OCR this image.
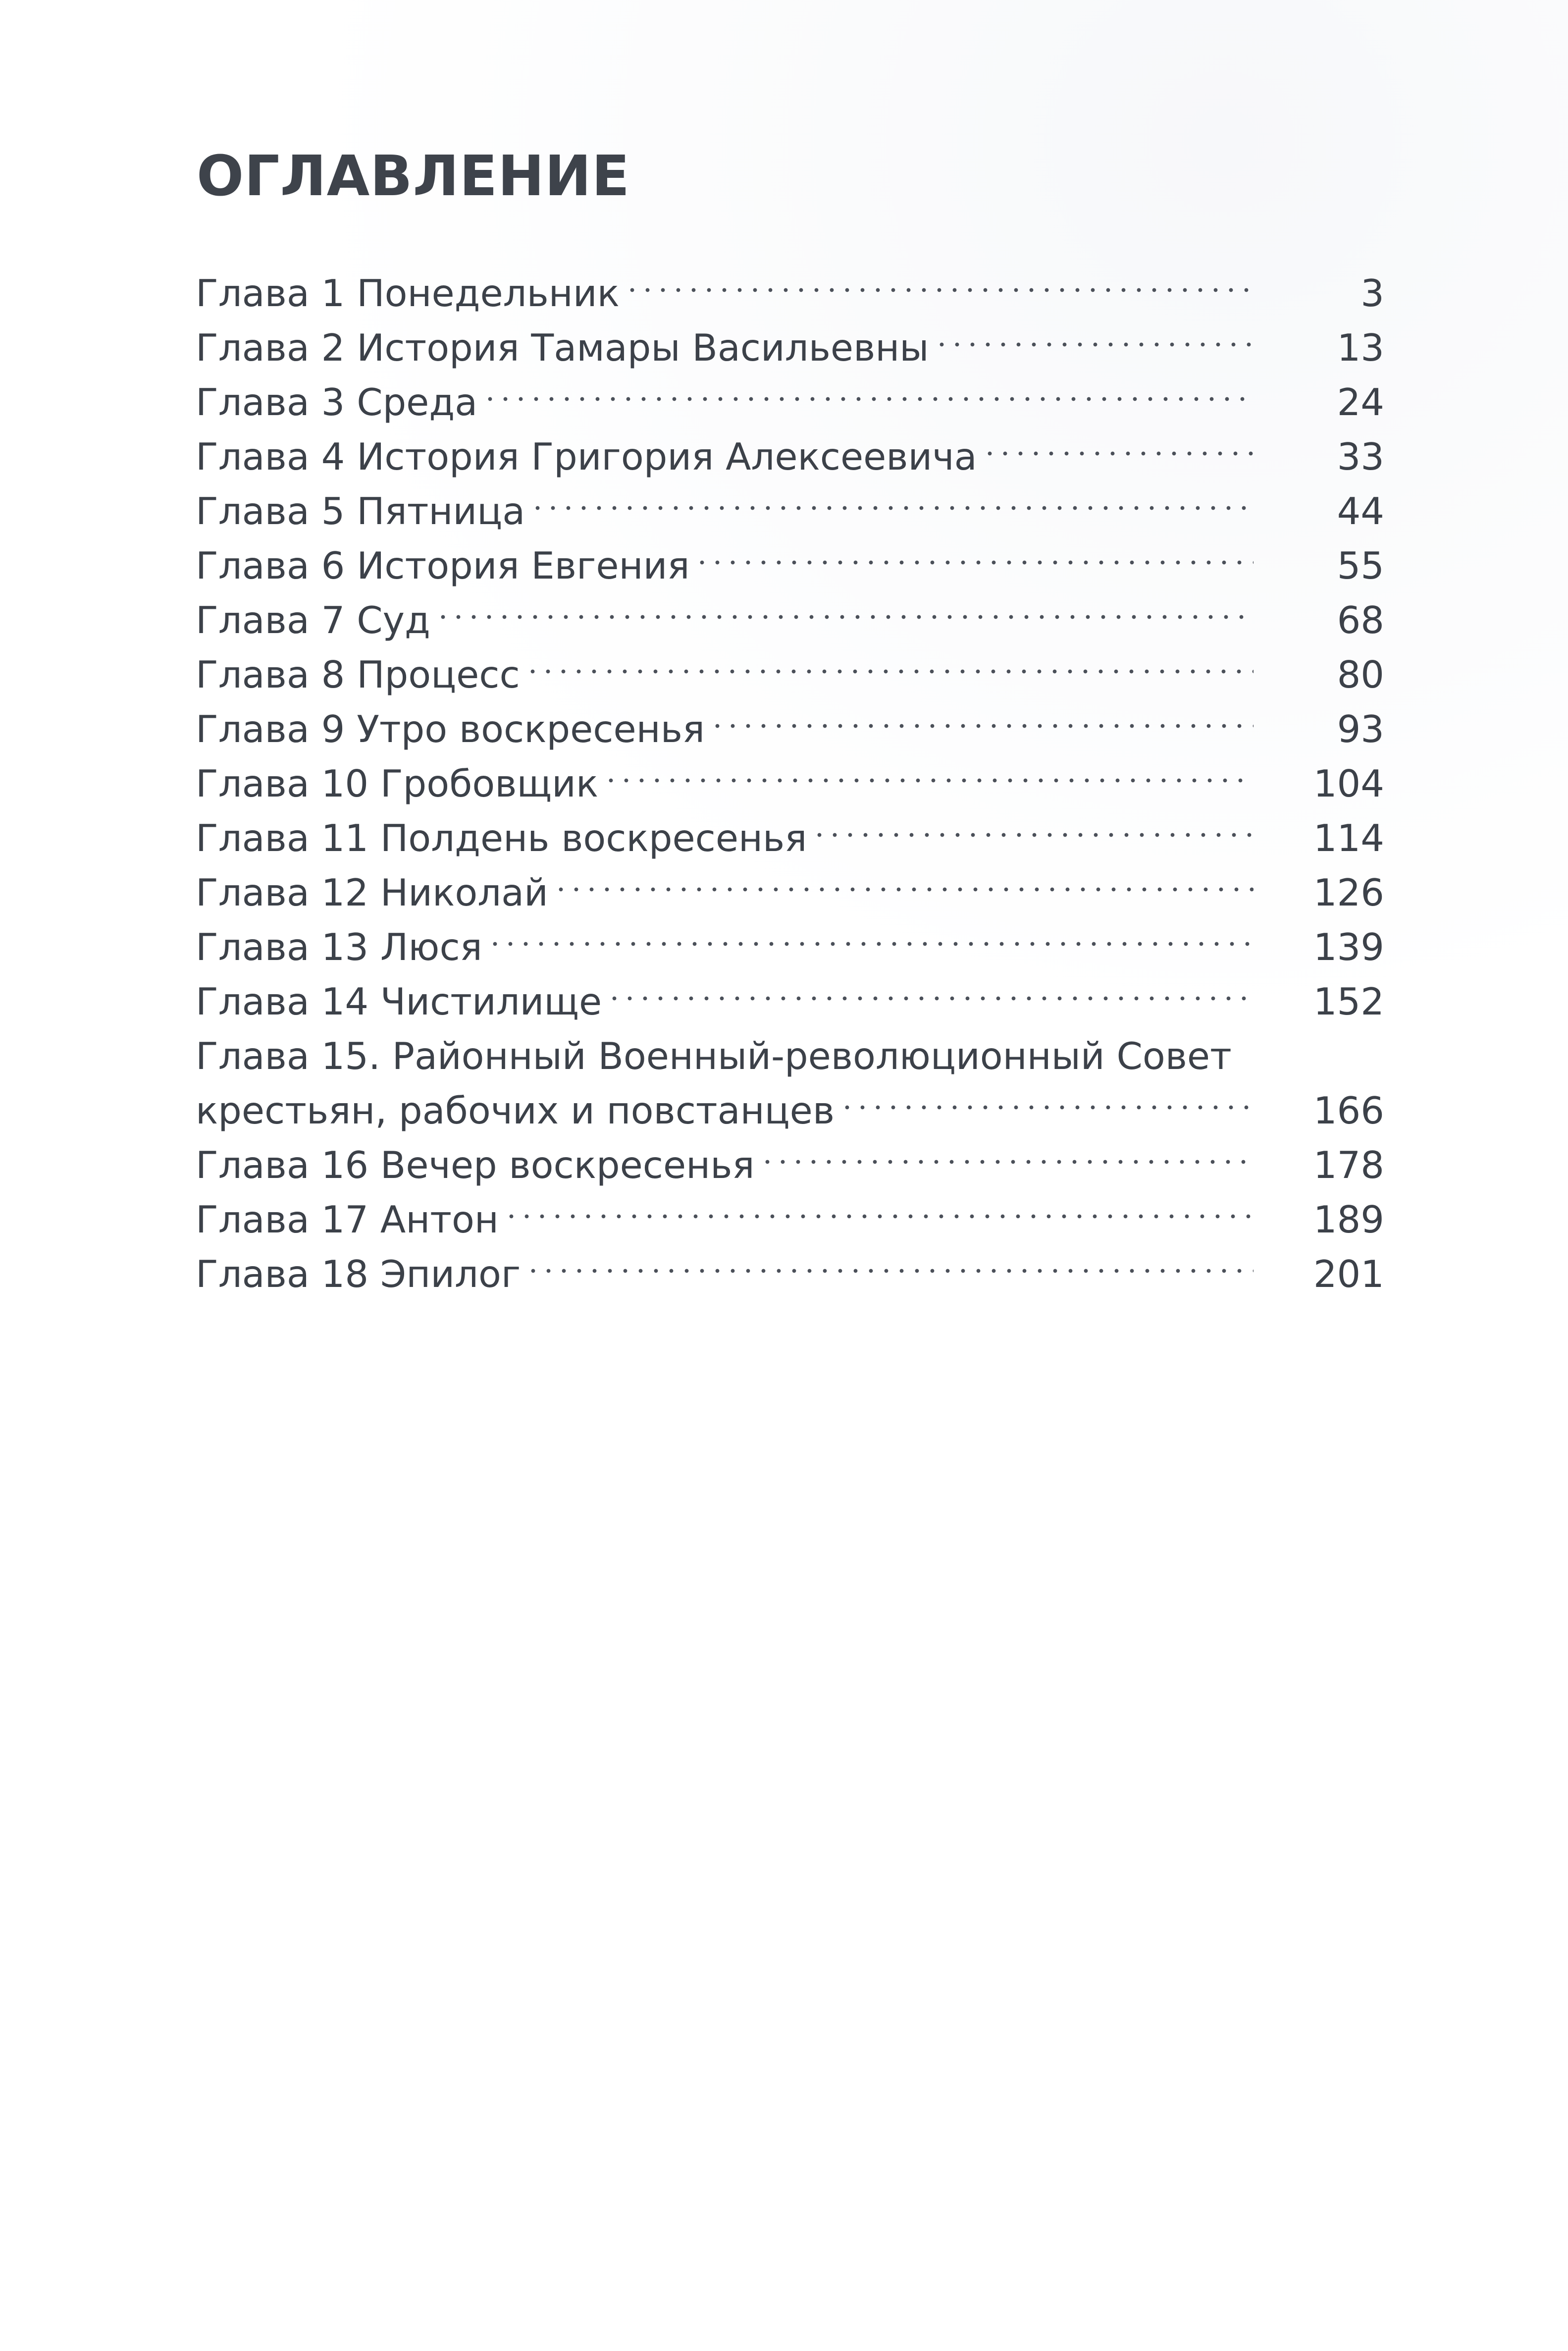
ОГЛАВЛЕНИЕ
Глава 1 Понедельник	3
Глава 2 История Тамары Васильевны	13
Глава 3 Среда	24
Глава 4 История Григория Алексеевича	33
Глава 5 Пятница	44
Глава 6 История Евгения	55
Глава 7 Суд	68
Глава 8 Процесс	80
Глава 9 Утро воскресенья	93
Глава 10 Гробовщик	104
Глава 11 Полдень воскресенья	114
Глава 12 Николай	126
Глава 13 Люся	139
Глава 14 Чистилище	152
Глава 15. Районный Военный-революционный Совет
крестьян, рабочих и повстанцев	166
Глава 16 Вечер воскресенья	178
Глава 17 Антон	189
Глава 18 Эпилог	201
